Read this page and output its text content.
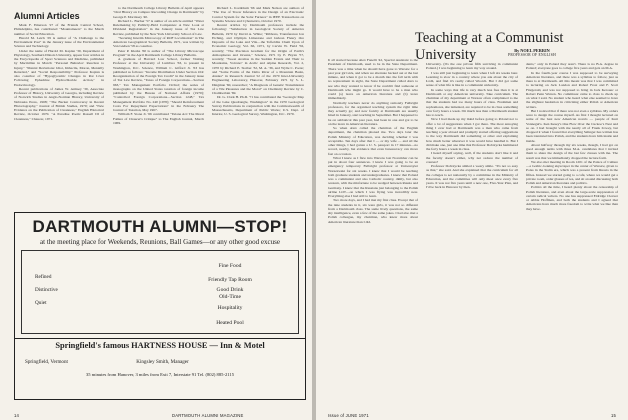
Alumni Articles

Mark F. Emerson '27 of the Friends Central School, Philadelphia, has contributed "Mountaineers" to the March number of Social Education.

Harold M. Leich '29 is author of "A Challenge to the Environment Post" in the January issue of the Environmental Science and Technology.

Under the name of Harold M. Kaplan '30, Department of Physiology, Southern Illinois University, appear four articles in the Encyclopedia of Sport Sciences and Medicine, published by Macmillan in March: "Personal Behavior: Reaction to Injury," "Mental Deviations: Idiot, Imbecile, Moron, Mentally Retarded," and "Social Responsibility." Professor Kaplan is also coauthor of "Hypoglycemic Changes in Rat Liver Following Ephedrine Hydrochloride Action," in Endocrinology.

Recent publications of James W. Armsey '39, Associate Professor of History, University of Georgia, including Review of Norwich Studies in Anglo-Norman History, University of Nebraska Press, 1968; "The Becket Controversy in Recent Historiography," Journal of British Studies, 1970; and "New Evidence on the Publication of Cleanness," English Historical Review, October 1970. "A Paradise Poem: Rassell III of Cleanness," Chaucer, 1971.

to the Dartmouth College Library Bulletin of April appears "Oral History on Campus: Recording Change in Dartmouth" by George P. Morrissey '40.

Richard L. Bucher '57 is author of an article entitled "Water Rulemaking by Publicly-Held Companies: A New Look at Dividend Registration" in the January issue of Tax Law Review, published by the New York University School of Law.

"Securing Interim Microscopy of ROF Localization" in The American Geographical Society Bulletin, 1971, was written by Van Gieben '58 as coauthor.

Peter P. Klerks '60 is author of "The Library Microscope Program" in the April Dartmouth College Library Bulletin.

A graduate of Harvard Law School, former Visiting Professor at the University of Lumbwa '63, is present in Washington, D.C. Science, William C. Gifford Jr. '63 has published as follows: "Income Distribution Under Section 104: Reorganization of the Foreign Tax Credit" in the January issue of Tax Law Review, "Taxes of Foreign Corporations—Section 963," Tax Management Portfolio 19/2nd; the series of monographs on the United States taxation of foreign income published by the Bureau of National Affairs (1970); "Controlled Foreign Corporations—Section 1248," Tax Management Portfolio No. 240 (1970); "Should Reinforcement Costs For Repayment Expectations" in the February The Journal of Taxation, May 1967.

William F. Stone Jr. '66 contributed "Tulane Art: The Moral Failure of Chaucer's Critique" to The English Journal, March 1969.

Richard L. Kornblum '66 and Mark Nelson are authors of "The Use of Tracer Inference in the Design of an Electronic Control System for the Solar Furnace" in IEEE Transactions on Systems Science and Cybernetics, October 1970.

Recent articles by Dartmouth professors include the following: "Subduction in Geological Society of America Bulletin, 1970 by David A. White; "Ribbons, Transference Ion Etching, and Olympia Limestone and Gideon Fleury Ore Deposits of the Lake and Vile—the Tofieldite Chem Upon of Economic Geology, Vol. 66, 1971, by Carvin W. Field '56, recently; "The Precision Gradient for the Origin of Earth's Atmospheres and Oceans," Science, 1971 by E. Bryan '57, recently; "Sweet Aromas in the Sudden Events and Their to Mountains, Volcano" in Arctic and Alpine Research, Vol. 2, 1970 by Richard E. Stoiber '32, M. A. '36, and Wylie C. Poole; and "Some Forms of the Delta River of a Mountain Basin, Alaska" in Research Journal 52 of the 1970 Inter-University Engineering Laboratory, Hanover, February 1971 by S. L. Dingman '60, researcher; "A Diagnosis of Genetic Transmission of a Tile Pleasures and the Moral" on Chemistry Review by C. Chamberlain '69.

Dr. G. Clark H. Ph.D. '71 has contributed the "Geologic Map of the Lake Quadrangle, Washington" in the 1970 Geological Survey Publications in conjunction with the Commonwealth of Massachusetts, Department of Public Works; U.S. Dept. of Interior, U. S. Geological Survey, Washington, D.C. 1970.

DARTMOUTH ALUMNI—STOP!
at the meeting place for Weekends, Reunions, Ball Games—or any other good excuse
Refined
Distinctive
Quiet
Fine Food
Friendly Tap Room
Good Drink
Old-Time
Hospitality
Heated Pool
Springfield's famous HARTNESS HOUSE — Inn & Motel
Springfield, Vermont	Kingsley Smith, Manager
35 minutes from Hanover, 3 miles from Exit 7, Interstate 91 Tel. (802) 885-2115
14	DARTMOUTH ALUMNI MAGAZINE
Teaching at a Communist University	By NOEL PERRIN
PROFESSOR OF ENGLISH

It all started because Alex Fanelli '42, Special Assistant to the President of Dartmouth, used to be in the State Department. There was a time when he should have gone to Warsaw for a past year girl sick, and when we alternate backed out at the last minute, and when it got to be a month into the fall term with no replacement in sight, the State Department called Alex to see who they wanted to know if he couldn't find someone at Dartmouth who might go. It would have to be a man who could (a) leave on American literature and (b) leave immediately.

Normally teachers never do anything remotely Fulbright professors, for the organized teaching system the right time they actually go; and new faculty at Dartmouth are usually hired in January, start teaching in September. But I happened to be on sabbatical this past year, had been in one and got to be on the leave in American literature.

So when Alex called the chairman of the English department, the chairman phoned me. Two days later the Polish Ministry of Education, was deciding whether I was acceptable. Ten days after that I — or my wife — and all the other things, I had gotten a U. S. passport in 17 minutes—no record, nearby, but evidence that even bureaucracy can move fast on occasion.

What I knew as I flew into Warsaw last November can be put in about four sentences. I knew I was going to be an emergency temporary Fulbright professor at Uniwersytet Warszawski for six weeks. I knew that I would be teaching both graduate students and undergraduates. I knew that Poland was a communist and also Catholic country, dimly, but also western, with the misfortune to be wedged between Russia and Germany. I knew that the Russians just belonging to the Polish airline LOT—on which I was flying was incredibly new. Everything else I had still to learn.

Two more days, and I had met my first class. Except that of the nine students in it, six were girls, it was not so different from a Dartmouth class. The same lively questions, the same shy intelligence, even a few of the same jokes. I had also met a Polish colleague, my chairman, who knew more about American literature than I did.

University. (It's the one private fifth surviving in communist Poland.) I was beginning to learn my way around.

I was still just beginning to learn when I left six weeks later. Learning is slow in a country where you ask about the city of Łódź, and find it's really called Wootch. But I did get some sense of what life is like in a communist university.

In some ways that life is very much less free than it is at Dartmouth or any American university. Take curriculum. The chairman of my department at Warsaw often complained to me that the students had too many hours of class. Freshmen and sophomores, she lamented, are required to be in class something over forty hours a week. I'm much less than a Dartmouth student has to teach.

Now I had made up my mind before going to Poland not to offer a lot of suggestions when I got there. The most annoying thing I ever had at Dartmouth was a man who came from teaching a year abroad and promptly started offering suggestions to the way Dartmouth did something or other and explaining how much better wherever it was would have handled it. But I did make one, just one time that Professor Dobrzycka hammered the forty hours a week in class.

I heard myself saying, well, if the students don't like it and the faculty doesn't either, why not reduce the number of courses?

Professor Dobrzycka smiled a weary smile. "It's not so easy as that," she said. And she explained that the curriculum for all the colleges is set nationally by a committee in the Ministry of Education, and the committee will only meet once every five years. It was not five years until a new one, Five-Year Plan, and I'd be back in Hanover by then.

dents," only in Poland they aren't. There is no B.A. degree in Poland; everyone goes to college five years and gets an M.A.

In the fourth-year course I was supposed to be surveying American literature, and there was a syllabus to follow, just as there is at Dartmouth. All this meant was that I was committed to lecturing on Jack London and Robert Frost and F. Scott Fitzgerald, and was not supposed to bring in Jack Kerouac or Robert Penn Warren. No commissar came to class to check up on what I said. No student who heard what else seemed to have the slightest hesitation in criticizing either Polish or American writers.

But I noticed that if there was not even a syllabus. My orders were to design the course myself. As first I thought lectured on some of the best new American novels — people of Kurt Vonnegut's. Ken Kesey's One Flew Over the Cuckoo's Nest and so on. I had brought with me nearly all of Frank Zowey, but dropped it when I found that everything Salinger has written has been translated into Polish, and the students have him inside and inside.

About halfway through my six weeks, though, I had got on good enough terms with three M.A. candidates that I invited them to share the design of the last few classes with me. The result was that we immediately dropped the lecture form.

We also met meeting in Room 1201 of the Palace of Culture—a Gothic-looking skyscraper in the center of Warsaw, given to Poles in the Stalin era, which was a present from Russia in the fifties. Instead we started going to a café, where we would get a private room, order glasses of tea, and sit around discussing both Polish and American literature and politics.

Politics all the time, I heard plenty about the censorship of Polish literature, and even about the large-scale suppression of certain radical writers. No one has suppressed Eldridge Cleaver or Abbie Hoffman, and both the students and I agreed that Americans have much more freedom to write what we like than they have.

Issue of JUNE 1971	15
